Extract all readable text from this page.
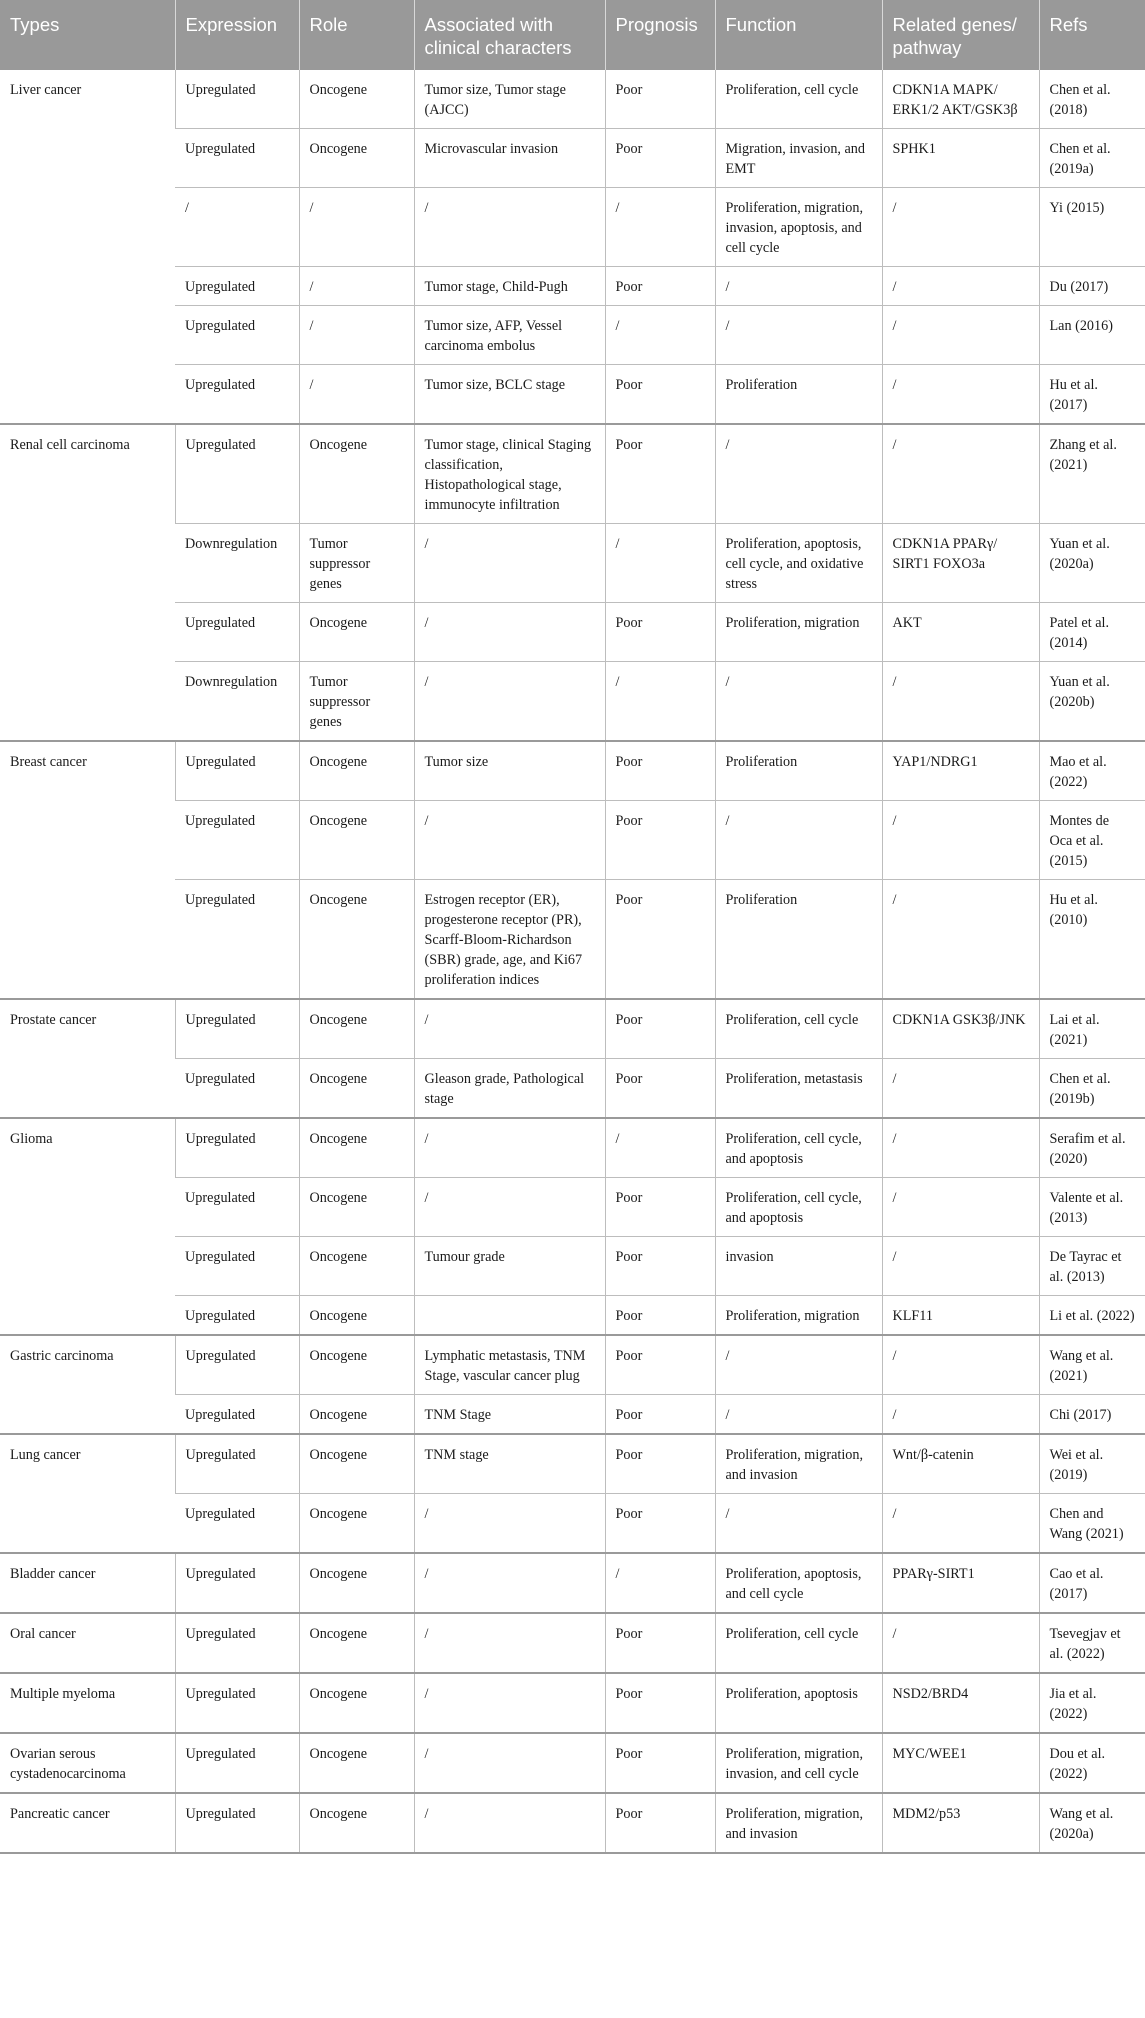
Types	Expression	Role	Associated with clinical characters	Prognosis	Function	Related genes/ pathway	Refs
Liver cancer	Upregulated	Oncogene	Tumor size, Tumor stage (AJCC)	Poor	Proliferation, cell cycle	CDKN1A MAPK/ ERK1/2 AKT/GSK3β	Chen et al. (2018)
	Upregulated	Oncogene	Microvascular invasion	Poor	Migration, invasion, and EMT	SPHK1	Chen et al. (2019a)
	/	/	/	/	Proliferation, migration, invasion, apoptosis, and cell cycle	/	Yi (2015)
	Upregulated	/	Tumor stage, Child-Pugh	Poor	/	/	Du (2017)
	Upregulated	/	Tumor size, AFP, Vessel carcinoma embolus	/	/	/	Lan (2016)
	Upregulated	/	Tumor size, BCLC stage	Poor	Proliferation	/	Hu et al. (2017)
Renal cell carcinoma	Upregulated	Oncogene	Tumor stage, clinical Staging classification, Histopathological stage, immunocyte infiltration	Poor	/	/	Zhang et al. (2021)
	Downregulation	Tumor suppressor genes	/	/	Proliferation, apoptosis, cell cycle, and oxidative stress	CDKN1A PPARγ/ SIRT1 FOXO3a	Yuan et al. (2020a)
	Upregulated	Oncogene	/	Poor	Proliferation, migration	AKT	Patel et al. (2014)
	Downregulation	Tumor suppressor genes	/	/	/	/	Yuan et al. (2020b)
Breast cancer	Upregulated	Oncogene	Tumor size	Poor	Proliferation	YAP1/NDRG1	Mao et al. (2022)
	Upregulated	Oncogene	/	Poor	/	/	Montes de Oca et al. (2015)
	Upregulated	Oncogene	Estrogen receptor (ER), progesterone receptor (PR), Scarff-Bloom-Richardson (SBR) grade, age, and Ki67 proliferation indices	Poor	Proliferation	/	Hu et al. (2010)
Prostate cancer	Upregulated	Oncogene	/	Poor	Proliferation, cell cycle	CDKN1A GSK3β/JNK	Lai et al. (2021)
	Upregulated	Oncogene	Gleason grade, Pathological stage	Poor	Proliferation, metastasis	/	Chen et al. (2019b)
Glioma	Upregulated	Oncogene	/	/	Proliferation, cell cycle, and apoptosis	/	Serafim et al. (2020)
	Upregulated	Oncogene	/	Poor	Proliferation, cell cycle, and apoptosis	/	Valente et al. (2013)
	Upregulated	Oncogene	Tumour grade	Poor	invasion	/	De Tayrac et al. (2013)
	Upregulated	Oncogene		Poor	Proliferation, migration	KLF11	Li et al. (2022)
Gastric carcinoma	Upregulated	Oncogene	Lymphatic metastasis, TNM Stage, vascular cancer plug	Poor	/	/	Wang et al. (2021)
	Upregulated	Oncogene	TNM Stage	Poor	/	/	Chi (2017)
Lung cancer	Upregulated	Oncogene	TNM stage	Poor	Proliferation, migration, and invasion	Wnt/β-catenin	Wei et al. (2019)
	Upregulated	Oncogene	/	Poor	/	/	Chen and Wang (2021)
Bladder cancer	Upregulated	Oncogene	/	/	Proliferation, apoptosis, and cell cycle	PPARγ-SIRT1	Cao et al. (2017)
Oral cancer	Upregulated	Oncogene	/	Poor	Proliferation, cell cycle	/	Tsevegjav et al. (2022)
Multiple myeloma	Upregulated	Oncogene	/	Poor	Proliferation, apoptosis	NSD2/BRD4	Jia et al. (2022)
Ovarian serous cystadenocarcinoma	Upregulated	Oncogene	/	Poor	Proliferation, migration, invasion, and cell cycle	MYC/WEE1	Dou et al. (2022)
Pancreatic cancer	Upregulated	Oncogene	/	Poor	Proliferation, migration, and invasion	MDM2/p53	Wang et al. (2020a)
